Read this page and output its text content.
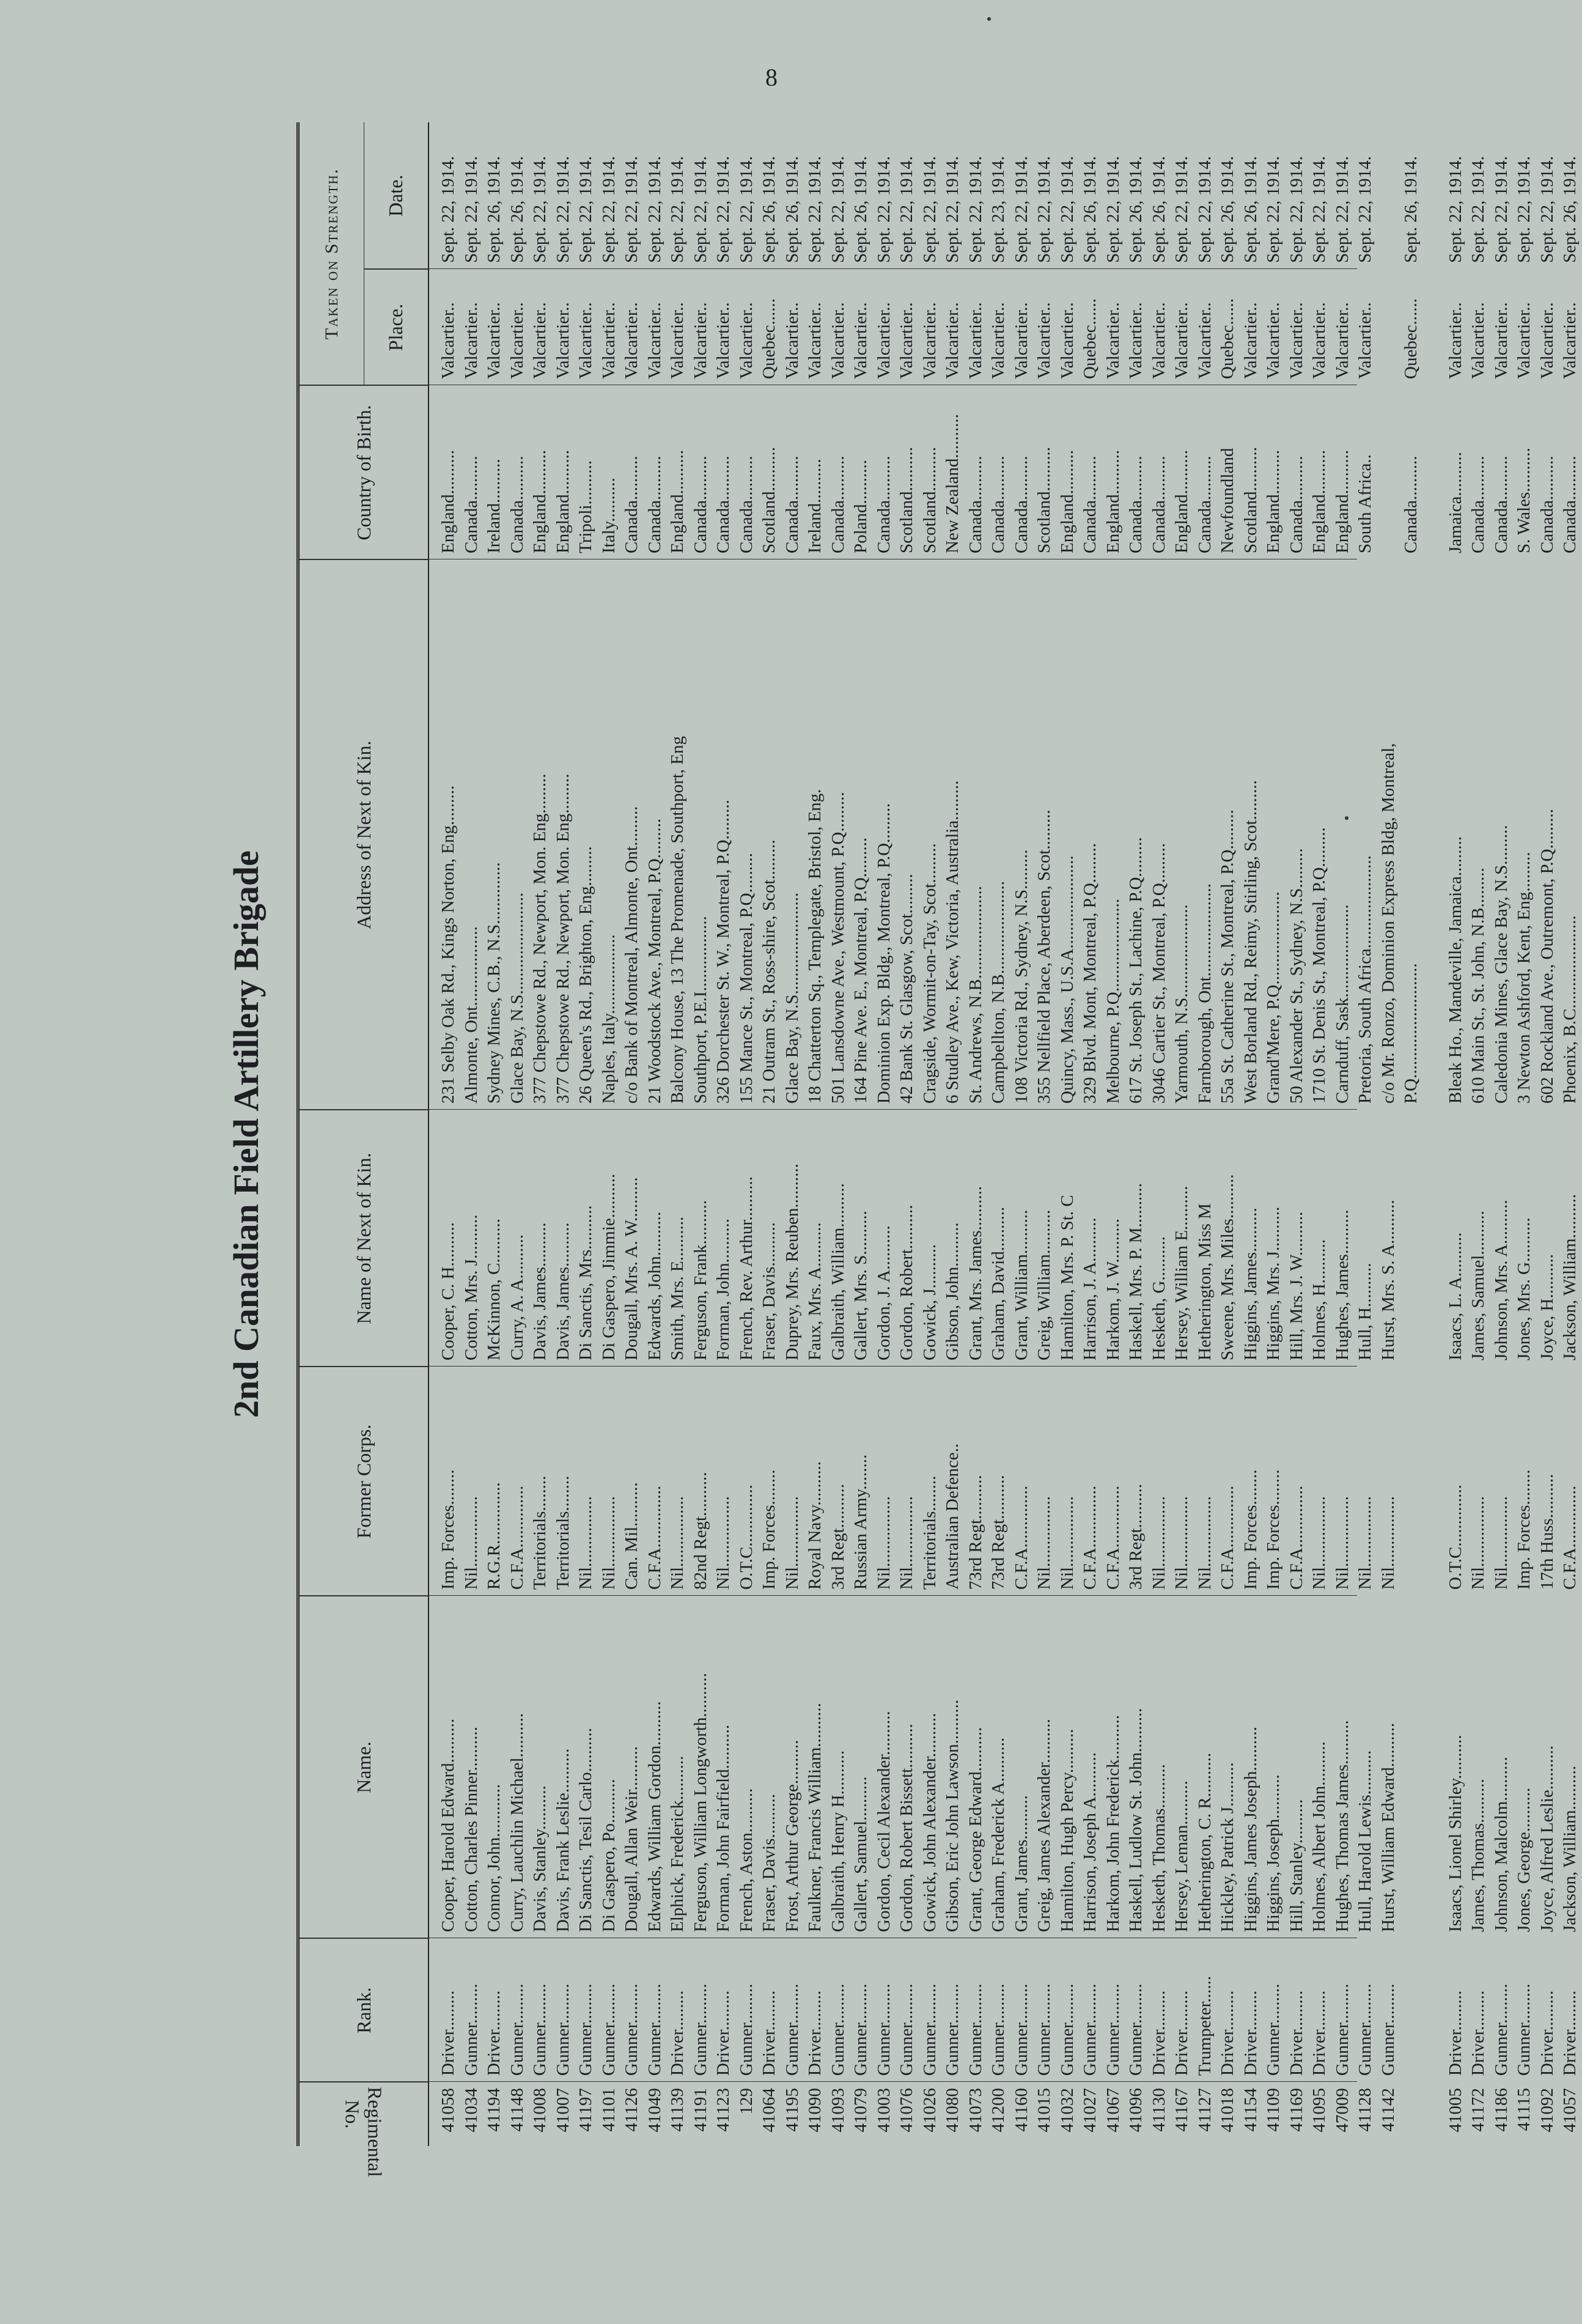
8
2nd Canadian Field Artillery Brigade
Regimental No.
Rank.
Name.
Former Corps.
Name of Next of Kin.
Address of Next of Kin.
Country of Birth.
Taken on Strength.	Place.
Date.
41058
Driver.........
Cooper, Harold Edward..........
Imp. Forces........
Cooper, C. H..........
231 Selby Oak Rd., Kings Norton, Eng.........
England..........
Valcartier..
Sept. 22, 1914.
41034
Gunner.........
Cotton, Charles Pinner..........
Nil................
Cotton, Mrs. J..........
Almonte, Ont..................
Canada..........
Valcartier..
Sept. 22, 1914.
41194
Driver.........
Connor, John............
R.G.R..............
McKinnon, C..........
Sydney Mines, C.B., N.S..............
Ireland..........
Valcartier..
Sept. 26, 1914.
41148
Gunner.........
Curry, Lauchlin Michael..........
C.F.A..............
Curry, A. A..........
Glace Bay, N.S.......................
Canada..........
Valcartier..
Sept. 26, 1914.
41008
Gunner.........
Davis, Stanley..........
Territorials........
Davis, James..........
377 Chepstowe Rd., Newport, Mon. Eng.........
England..........
Valcartier..
Sept. 22, 1914.
41007
Gunner.........
Davis, Frank Leslie..........
Territorials........
Davis, James..........
377 Chepstowe Rd., Newport, Mon. Eng.........
England..........
Valcartier..
Sept. 22, 1914.
41197
Gunner.........
Di Sanctis, Tesil Carlo..........
Nil................
Di Sanctis, Mrs..........
26 Queen's Rd., Brighton, Eng.........
Tripoli..........
Valcartier..
Sept. 22, 1914.
41101
Gunner.........
Di Gaspero, Po..........
Nil................
Di Gaspero, Jimmie..........
Naples, Italy..................
Italy..........
Valcartier..
Sept. 22, 1914.
41126
Gunner.........
Dougall, Allan Weir..........
Can. Mil..........
Dougall, Mrs. A. W..........
c/o Bank of Montreal, Almonte, Ont.........
Canada..........
Valcartier..
Sept. 22, 1914.
41049
Gunner.........
Edwards, William Gordon..........
C.F.A..............
Edwards, John..........
21 Woodstock Ave., Montreal, P.Q.........
Canada..........
Valcartier..
Sept. 22, 1914.
41139
Driver.........
Elphick, Frederick..........
Nil................
Smith, Mrs. E..........
Balcony House, 13 The Promenade, Southport, Eng
England..........
Valcartier..
Sept. 22, 1914.
41191
Gunner.........
Ferguson, William Longworth..........
82nd Regt..........
Ferguson, Frank..........
Southport, P.E.I.................
Canada..........
Valcartier..
Sept. 22, 1914.
41123
Driver.........
Forman, John Fairfield..........
Nil................
Forman, John..........
326 Dorchester St. W., Montreal, P.Q.........
Canada..........
Valcartier..
Sept. 22, 1914.
129
Gunner.........
French, Aston..........
O.T.C..............
French, Rev. Arthur..........
155 Mance St., Montreal, P.Q.........
Canada..........
Valcartier..
Sept. 22, 1914.
41064
Driver.........
Fraser, Davis..........
Imp. Forces........
Fraser, Davis..........
21 Outram St., Ross-shire, Scot.........
Scotland..........
Quebec......
Sept. 26, 1914.
41195
Gunner.........
Frost, Arthur George..........
Nil................
Duprey, Mrs. Reuben..........
Glace Bay, N.S.......................
Canada..........
Valcartier..
Sept. 26, 1914.
41090
Driver.........
Faulkner, Francis William..........
Royal Navy..........
Faux, Mrs. A..........
18 Chatterton Sq., Templegate, Bristol, Eng.
Ireland..........
Valcartier..
Sept. 22, 1914.
41093
Gunner.........
Galbraith, Henry H..........
3rd Regt..........
Galbraith, William..........
501 Lansdowne Ave., Westmount, P.Q.........
Canada..........
Valcartier..
Sept. 22, 1914.
41079
Gunner.........
Gallert, Samuel..........
Russian Army........
Gallert, Mrs. S..........
164 Pine Ave. E., Montreal, P.Q.........
Poland..........
Valcartier..
Sept. 26, 1914.
41003
Gunner.........
Gordon, Cecil Alexander..........
Nil................
Gordon, J. A..........
Dominion Exp. Bldg., Montreal, P.Q.........
Canada..........
Valcartier..
Sept. 22, 1914.
41076
Gunner.........
Gordon, Robert Bissett..........
Nil................
Gordon, Robert..........
42 Bank St. Glasgow, Scot.........
Scotland..........
Valcartier..
Sept. 22, 1914.
41026
Gunner.........
Gowick, John Alexander..........
Territorials........
Gowick, J..........
Cragside, Wormit-on-Tay, Scot.........
Scotland..........
Valcartier..
Sept. 22, 1914.
41080
Gunner.........
Gibson, Eric John Lawson..........
Australian Defence..
Gibson, John..........
6 Studley Ave., Kew, Victoria, Australia.........
New Zealand..........
Valcartier..
Sept. 22, 1914.
41073
Gunner.........
Grant, George Edward..........
73rd Regt..........
Grant, Mrs. James..........
St. Andrews, N.B.....................
Canada..........
Valcartier..
Sept. 22, 1914.
41200
Gunner.........
Graham, Frederick A..........
73rd Regt..........
Graham, David..........
Campbellton, N.B.....................
Canada..........
Valcartier..
Sept. 23, 1914.
41160
Gunner.........
Grant, James..........
C.F.A..............
Grant, William..........
108 Victoria Rd., Sydney, N.S.........
Canada..........
Valcartier..
Sept. 22, 1914.
41015
Gunner.........
Greig, James Alexander..........
Nil................
Greig, William..........
355 Nellfield Place, Aberdeen, Scot.........
Scotland..........
Valcartier..
Sept. 22, 1914.
41032
Gunner.........
Hamilton, Hugh Percy..........
Nil................
Hamilton, Mrs. P. St. C
Quincy, Mass., U.S.A.....................
England..........
Valcartier..
Sept. 22, 1914.
41027
Gunner.........
Harrison, Joseph A..........
C.F.A..............
Harrison, J. A..........
329 Blvd. Mont, Montreal, P.Q.........
Canada..........
Quebec......
Sept. 26, 1914.
41067
Gunner.........
Harkom, John Frederick..........
C.F.A..............
Harkom, J. W..........
Melbourne, P.Q.....................
England..........
Valcartier..
Sept. 22, 1914.
41096
Gunner.........
Haskell, Ludlow St. John..........
3rd Regt..........
Haskell, Mrs. P. M..........
617 St. Joseph St., Lachine, P.Q.........
Canada..........
Valcartier..
Sept. 26, 1914.
41130
Driver.........
Hesketh, Thomas..........
Nil................
Hesketh, G..........
3046 Cartier St., Montreal, P.Q.........
Canada..........
Valcartier..
Sept. 26, 1914.
41167
Driver.........
Hersey, Leman..........
Nil................
Hersey, William E..........
Yarmouth, N.S.....................
England..........
Valcartier..
Sept. 22, 1914.
41127
Trumpeter......
Hetherington, C. R..........
Nil................
Hetherington, Miss M
Farnborough, Ont.....................
Canada..........
Valcartier..
Sept. 22, 1914.
41018
Driver.........
Hickley, Patrick J..........
C.F.A..............
Sweene, Mrs. Miles..........
55a St. Catherine St., Montreal, P.Q.........
Newfoundland
Quebec......
Sept. 26, 1914.
41154
Driver.........
Higgins, James Joseph..........
Imp. Forces........
Higgins, James..........
West Borland Rd., Reimy, Stirling, Scot.........
Scotland..........
Valcartier..
Sept. 26, 1914.
41109
Gunner.........
Higgins, Joseph..........
Imp. Forces........
Higgins, Mrs. J..........
Grand'Mere, P.Q.....................
England..........
Valcartier..
Sept. 22, 1914.
41169
Driver.........
Hill, Stanley..........
C.F.A..............
Hill, Mrs. J. W..........
50 Alexander St., Sydney, N.S.........
Canada..........
Valcartier..
Sept. 22, 1914.
41095
Driver.........
Holmes, Albert John..........
Nil................
Holmes, H..........
1710 St. Denis St., Montreal, P.Q.........
England..........
Valcartier..
Sept. 22, 1914.
47009
Gunner.........
Hughes, Thomas James..........
Nil................
Hughes, James..........
Carnduff, Sask.....................
England..........
Valcartier..
Sept. 22, 1914.
41128
Gunner.........
Hull, Harold Lewis..........
Nil................
Hull, H..........
Pretoria, South Africa.....................
South Africa..
Valcartier..
Sept. 22, 1914.
41142
Gunner.........
Hurst, William Edward..........
Nil................
Hurst, Mrs. S. A..........
c/o Mr. Ronzo, Dominion Express Bldg, Montreal, P.Q..........................
Canada..........
Quebec......
Sept. 26, 1914.
41005
Driver.........
Isaacs, Lionel Shirley..........
O.T.C..............
Isaacs, L. A..........
Bleak Ho., Mandeville, Jamaica.........
Jamaica..........
Valcartier..
Sept. 22, 1914.
41172
Driver.........
James, Thomas..........
Nil................
James, Samuel..........
610 Main St., St. John, N.B.........
Canada..........
Valcartier..
Sept. 22, 1914.
41186
Gunner.........
Johnson, Malcolm..........
Nil................
Johnson, Mrs. A..........
Caledonia Mines, Glace Bay, N.S.........
Canada..........
Valcartier..
Sept. 22, 1914.
41115
Gunner.........
Jones, George..........
Imp. Forces........
Jones, Mrs. G..........
3 Newton Ashford, Kent, Eng.........
S. Wales..........
Valcartier..
Sept. 22, 1914.
41092
Driver.........
Joyce, Alfred Leslie..........
17th Huss..........
Joyce, H..........
602 Rockland Ave., Outremont, P.Q.........
Canada..........
Valcartier..
Sept. 22, 1914.
41057
Driver.........
Jackson, William..........
C.F.A..............
Jackson, William..........
Phoenix, B.C.....................
Canada..........
Valcartier..
Sept. 26, 1914.
